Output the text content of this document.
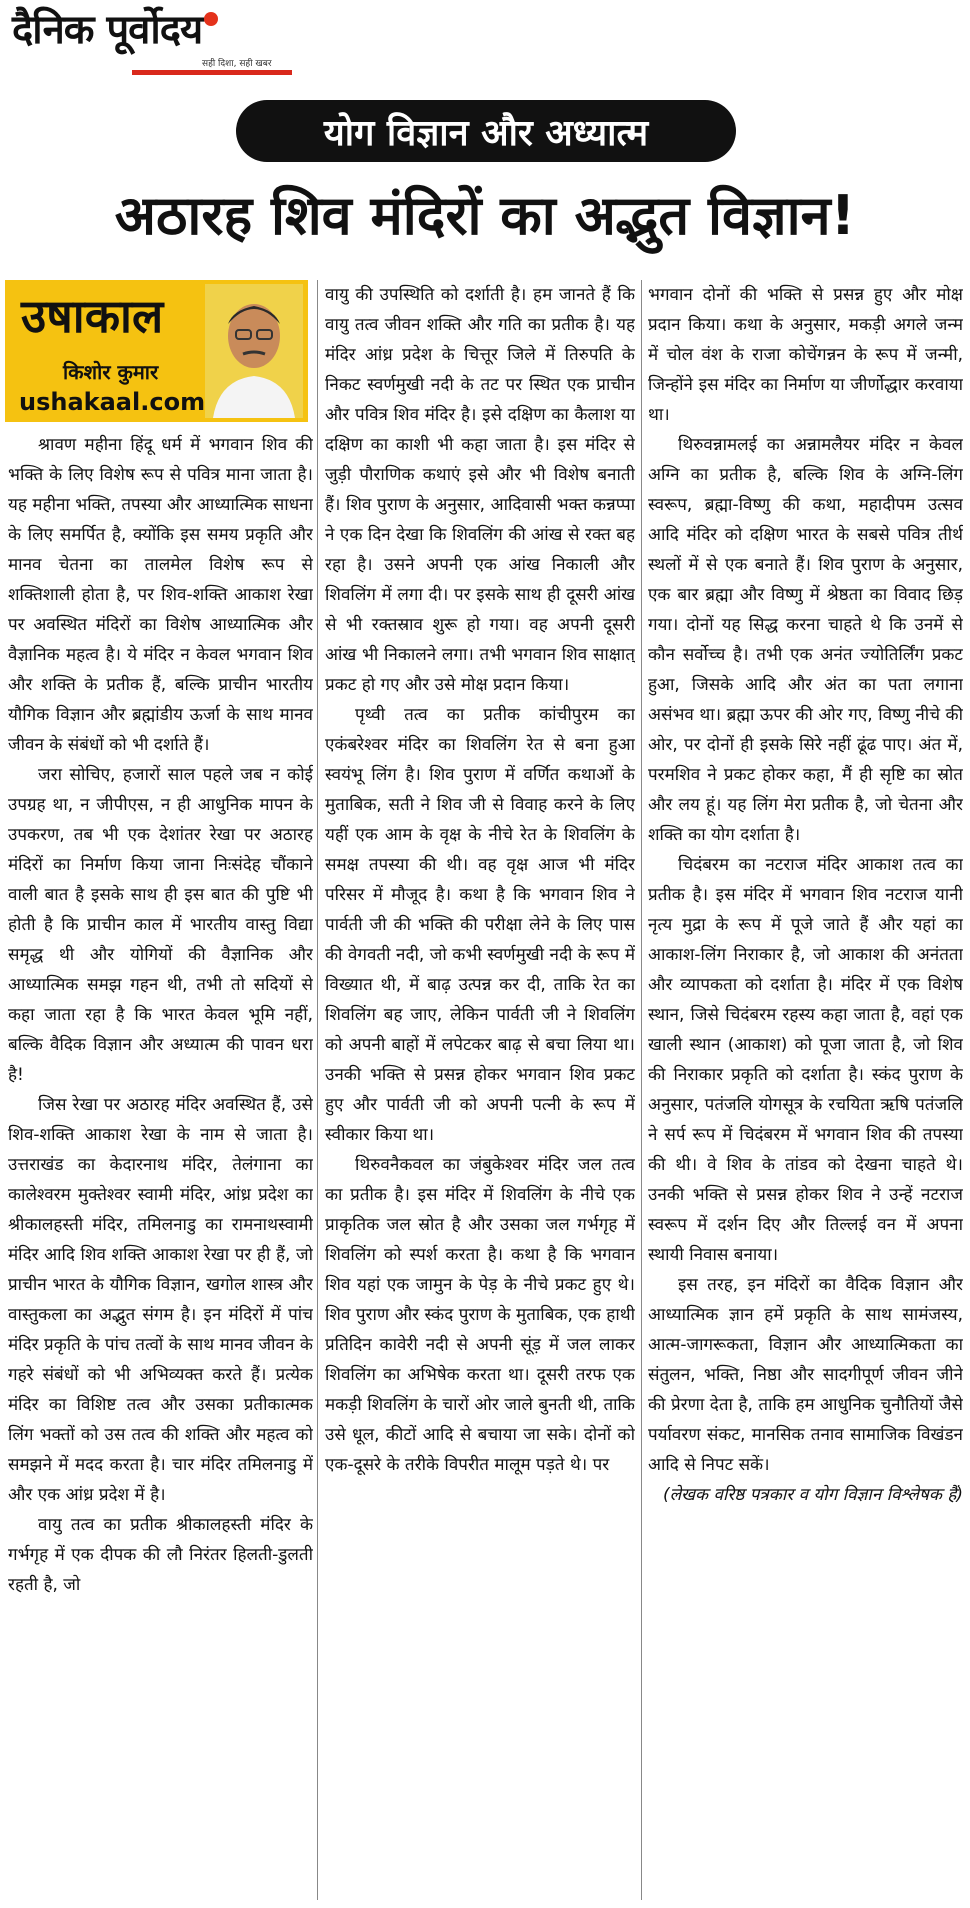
दैनिक पूर्वोदय
सही दिशा, सही खबर
योग विज्ञान और अध्यात्म
अठारह शिव मंदिरों का अद्भुत विज्ञान!
उषाकाल
किशोर कुमार
ushakaal.com

श्रावण महीना हिंदू धर्म में भगवान शिव की भक्ति के लिए विशेष रूप से पवित्र माना जाता है। यह महीना भक्ति, तपस्या और आध्यात्मिक साधना के लिए समर्पित है, क्योंकि इस समय प्रकृति और मानव चेतना का तालमेल विशेष रूप से शक्तिशाली होता है, पर शिव-शक्ति आकाश रेखा पर अवस्थित मंदिरों का विशेष आध्यात्मिक और वैज्ञानिक महत्व है। ये मंदिर न केवल भगवान शिव और शक्ति के प्रतीक हैं, बल्कि प्राचीन भारतीय यौगिक विज्ञान और ब्रह्मांडीय ऊर्जा के साथ मानव जीवन के संबंधों को भी दर्शाते हैं।

जरा सोचिए, हजारों साल पहले जब न कोई उपग्रह था, न जीपीएस, न ही आधुनिक मापन के उपकरण, तब भी एक देशांतर रेखा पर अठारह मंदिरों का निर्माण किया जाना निःसंदेह चौंकाने वाली बात है इसके साथ ही इस बात की पुष्टि भी होती है कि प्राचीन काल में भारतीय वास्तु विद्या समृद्ध थी और योगियों की वैज्ञानिक और आध्यात्मिक समझ गहन थी, तभी तो सदियों से कहा जाता रहा है कि भारत केवल भूमि नहीं, बल्कि वैदिक विज्ञान और अध्यात्म की पावन धरा है!

जिस रेखा पर अठारह मंदिर अवस्थित हैं, उसे शिव-शक्ति आकाश रेखा के नाम से जाता है। उत्तराखंड का केदारनाथ मंदिर, तेलंगाना का कालेश्वरम मुक्तेश्वर स्वामी मंदिर, आंध्र प्रदेश का श्रीकालहस्ती मंदिर, तमिलनाडु का रामनाथस्वामी मंदिर आदि शिव शक्ति आकाश रेखा पर ही हैं, जो प्राचीन भारत के यौगिक विज्ञान, खगोल शास्त्र और वास्तुकला का अद्भुत संगम है। इन मंदिरों में पांच मंदिर प्रकृति के पांच तत्वों के साथ मानव जीवन के गहरे संबंधों को भी अभिव्यक्त करते हैं। प्रत्येक मंदिर का विशिष्ट तत्व और उसका प्रतीकात्मक लिंग भक्तों को उस तत्व की शक्ति और महत्व को समझने में मदद करता है। चार मंदिर तमिलनाडु में और एक आंध्र प्रदेश में है।

वायु तत्व का प्रतीक श्रीकालहस्ती मंदिर के गर्भगृह में एक दीपक की लौ निरंतर हिलती-डुलती रहती है, जो

वायु की उपस्थिति को दर्शाती है। हम जानते हैं कि वायु तत्व जीवन शक्ति और गति का प्रतीक है। यह मंदिर आंध्र प्रदेश के चित्तूर जिले में तिरुपति के निकट स्वर्णमुखी नदी के तट पर स्थित एक प्राचीन और पवित्र शिव मंदिर है। इसे दक्षिण का कैलाश या दक्षिण का काशी भी कहा जाता है। इस मंदिर से जुड़ी पौराणिक कथाएं इसे और भी विशेष बनाती हैं। शिव पुराण के अनुसार, आदिवासी भक्त कन्नप्पा ने एक दिन देखा कि शिवलिंग की आंख से रक्त बह रहा है। उसने अपनी एक आंख निकाली और शिवलिंग में लगा दी। पर इसके साथ ही दूसरी आंख से भी रक्तस्राव शुरू हो गया। वह अपनी दूसरी आंख भी निकालने लगा। तभी भगवान शिव साक्षात् प्रकट हो गए और उसे मोक्ष प्रदान किया।

पृथ्वी तत्व का प्रतीक कांचीपुरम का एकंबरेश्वर मंदिर का शिवलिंग रेत से बना हुआ स्वयंभू लिंग है। शिव पुराण में वर्णित कथाओं के मुताबिक, सती ने शिव जी से विवाह करने के लिए यहीं एक आम के वृक्ष के नीचे रेत के शिवलिंग के समक्ष तपस्या की थी। वह वृक्ष आज भी मंदिर परिसर में मौजूद है। कथा है कि भगवान शिव ने पार्वती जी की भक्ति की परीक्षा लेने के लिए पास की वेगवती नदी, जो कभी स्वर्णमुखी नदी के रूप में विख्यात थी, में बाढ़ उत्पन्न कर दी, ताकि रेत का शिवलिंग बह जाए, लेकिन पार्वती जी ने शिवलिंग को अपनी बाहों में लपेटकर बाढ़ से बचा लिया था। उनकी भक्ति से प्रसन्न होकर भगवान शिव प्रकट हुए और पार्वती जी को अपनी पत्नी के रूप में स्वीकार किया था।

थिरुवनैकवल का जंबुकेश्वर मंदिर जल तत्व का प्रतीक है। इस मंदिर में शिवलिंग के नीचे एक प्राकृतिक जल स्रोत है और उसका जल गर्भगृह में शिवलिंग को स्पर्श करता है। कथा है कि भगवान शिव यहां एक जामुन के पेड़ के नीचे प्रकट हुए थे। शिव पुराण और स्कंद पुराण के मुताबिक, एक हाथी प्रतिदिन कावेरी नदी से अपनी सूंड़ में जल लाकर शिवलिंग का अभिषेक करता था। दूसरी तरफ एक मकड़ी शिवलिंग के चारों ओर जाले बुनती थी, ताकि उसे धूल, कीटों आदि से बचाया जा सके। दोनों को एक-दूसरे के तरीके विपरीत मालूम पड़ते थे। पर

भगवान दोनों की भक्ति से प्रसन्न हुए और मोक्ष प्रदान किया। कथा के अनुसार, मकड़ी अगले जन्म में चोल वंश के राजा कोचेंगन्नन के रूप में जन्मी, जिन्होंने इस मंदिर का निर्माण या जीर्णोद्धार करवाया था।

थिरुवन्नामलई का अन्नामलैयर मंदिर न केवल अग्नि का प्रतीक है, बल्कि शिव के अग्नि-लिंग स्वरूप, ब्रह्मा-विष्णु की कथा, महादीपम उत्सव आदि मंदिर को दक्षिण भारत के सबसे पवित्र तीर्थ स्थलों में से एक बनाते हैं। शिव पुराण के अनुसार, एक बार ब्रह्मा और विष्णु में श्रेष्ठता का विवाद छिड़ गया। दोनों यह सिद्ध करना चाहते थे कि उनमें से कौन सर्वोच्च है। तभी एक अनंत ज्योतिर्लिंग प्रकट हुआ, जिसके आदि और अंत का पता लगाना असंभव था। ब्रह्मा ऊपर की ओर गए, विष्णु नीचे की ओर, पर दोनों ही इसके सिरे नहीं ढूंढ पाए। अंत में, परमशिव ने प्रकट होकर कहा, मैं ही सृष्टि का स्रोत और लय हूं। यह लिंग मेरा प्रतीक है, जो चेतना और शक्ति का योग दर्शाता है।

चिदंबरम का नटराज मंदिर आकाश तत्व का प्रतीक है। इस मंदिर में भगवान शिव नटराज यानी नृत्य मुद्रा के रूप में पूजे जाते हैं और यहां का आकाश-लिंग निराकार है, जो आकाश की अनंतता और व्यापकता को दर्शाता है। मंदिर में एक विशेष स्थान, जिसे चिदंबरम रहस्य कहा जाता है, वहां एक खाली स्थान (आकाश) को पूजा जाता है, जो शिव की निराकार प्रकृति को दर्शाता है। स्कंद पुराण के अनुसार, पतंजलि योगसूत्र के रचयिता ऋषि पतंजलि ने सर्प रूप में चिदंबरम में भगवान शिव की तपस्या की थी। वे शिव के तांडव को देखना चाहते थे। उनकी भक्ति से प्रसन्न होकर शिव ने उन्हें नटराज स्वरूप में दर्शन दिए और तिल्लई वन में अपना स्थायी निवास बनाया।

इस तरह, इन मंदिरों का वैदिक विज्ञान और आध्यात्मिक ज्ञान हमें प्रकृति के साथ सामंजस्य, आत्म-जागरूकता, विज्ञान और आध्यात्मिकता का संतुलन, भक्ति, निष्ठा और सादगीपूर्ण जीवन जीने की प्रेरणा देता है, ताकि हम आधुनिक चुनौतियों जैसे पर्यावरण संकट, मानसिक तनाव सामाजिक विखंडन आदि से निपट सकें।

(लेखक वरिष्ठ पत्रकार व योग विज्ञान विश्लेषक हैं)
